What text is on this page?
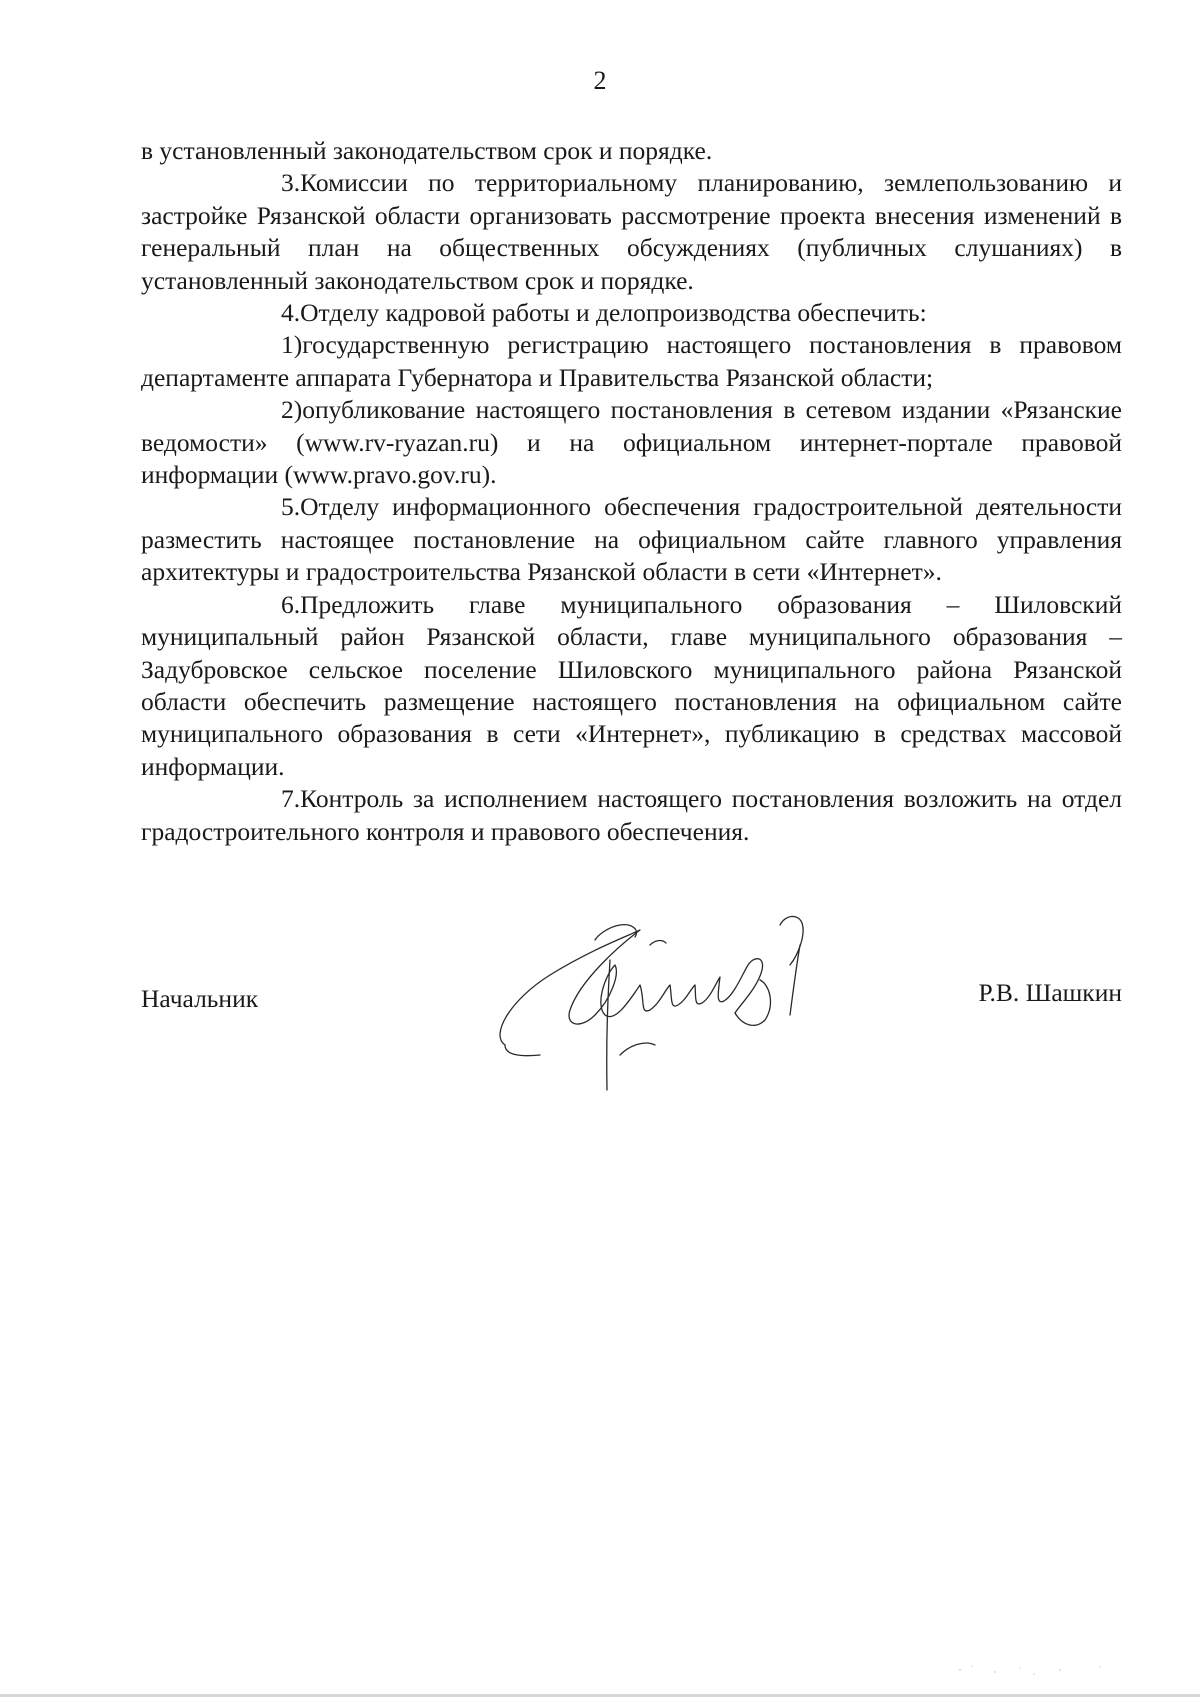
2

в установленный законодательством срок и порядке.

3.Комиссии по территориальному планированию, землепользованию и застройке Рязанской области организовать рассмотрение проекта внесения изменений в генеральный план на общественных обсуждениях (публичных слушаниях) в установленный законодательством срок и порядке.

4.Отделу кадровой работы и делопроизводства обеспечить:

1)государственную регистрацию настоящего постановления в правовом департаменте аппарата Губернатора и Правительства Рязанской области;

2)опубликование настоящего постановления в сетевом издании «Рязанские ведомости» (www.rv-ryazan.ru) и на официальном интернет-портале правовой информации (www.pravo.gov.ru).

5.Отделу информационного обеспечения градостроительной деятельности разместить настоящее постановление на официальном сайте главного управления архитектуры и градостроительства Рязанской области в сети «Интернет».

6.Предложить главе муниципального образования – Шиловский муниципальный район Рязанской области, главе муниципального образования – Задубровское сельское поселение Шиловского муниципального района Рязанской области обеспечить размещение настоящего постановления на официальном сайте муниципального образования в сети «Интернет», публикацию в средствах массовой информации.

7.Контроль за исполнением настоящего постановления возложить на отдел градостроительного контроля и правового обеспечения.

Начальник	Р.В. Шашкин
